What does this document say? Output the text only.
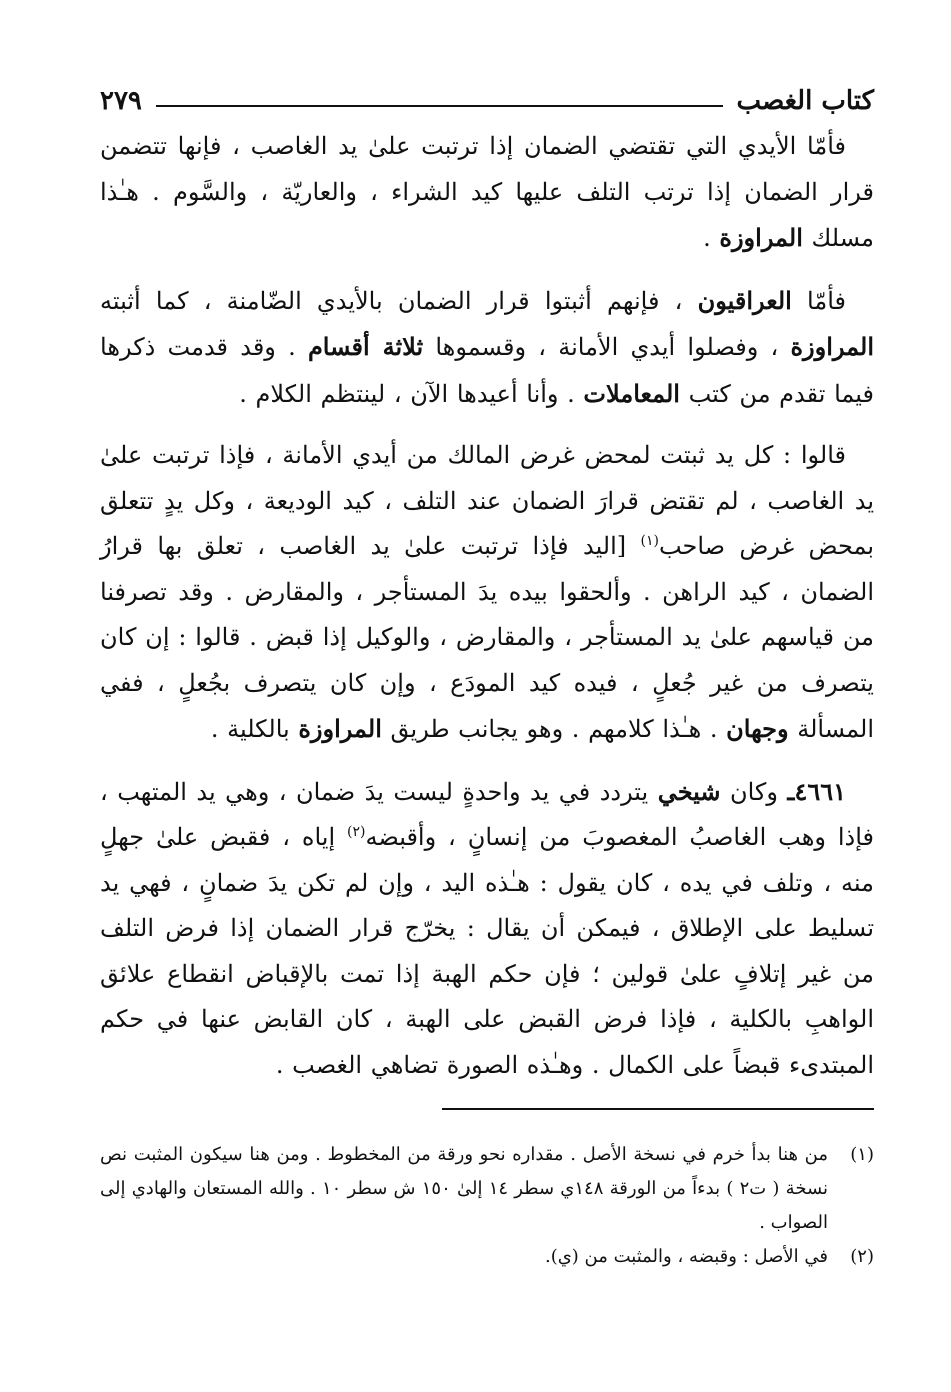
كتاب الغصب
٢٧٩

فأمّا الأيدي التي تقتضي الضمان إذا ترتبت علىٰ يد الغاصب ، فإنها تتضمن قرار الضمان إذا ترتب التلف عليها كيد الشراء ، والعاريّة ، والسَّوم . هـٰذا مسلك المراوزة .

فأمّا العراقيون ، فإنهم أثبتوا قرار الضمان بالأيدي الضّامنة ، كما أثبته المراوزة ، وفصلوا أيدي الأمانة ، وقسموها ثلاثة أقسام . وقد قدمت ذكرها فيما تقدم من كتب المعاملات . وأنا أعيدها الآن ، لينتظم الكلام .

قالوا : كل يد ثبتت لمحض غرض المالك من أيدي الأمانة ، فإذا ترتبت علىٰ يد الغاصب ، لم تقتض قرارَ الضمان عند التلف ، كيد الوديعة ، وكل يدٍ تتعلق بمحض غرض صاحب$^{(١)}$ [اليد فإذا ترتبت علىٰ يد الغاصب ، تعلق بها قرارُ الضمان ، كيد الراهن . وألحقوا بيده يدَ المستأجر ، والمقارض . وقد تصرفنا من قياسهم علىٰ يد المستأجر ، والمقارض ، والوكيل إذا قبض . قالوا : إن كان يتصرف من غير جُعلٍ ، فيده كيد المودَع ، وإن كان يتصرف بجُعلٍ ، ففي المسألة وجهان . هـٰذا كلامهم . وهو يجانب طريق المراوزة بالكلية .

٤٦٦١ـ وكان شيخي يتردد في يد واحدةٍ ليست يدَ ضمان ، وهي يد المتهب ، فإذا وهب الغاصبُ المغصوبَ من إنسانٍ ، وأقبضه$^{(٢)}$ إياه ، فقبض علىٰ جهلٍ منه ، وتلف في يده ، كان يقول : هـٰذه اليد ، وإن لم تكن يدَ ضمانٍ ، فهي يد تسليط على الإطلاق ، فيمكن أن يقال : يخرّج قرار الضمان إذا فرض التلف من غير إتلافٍ علىٰ قولين ؛ فإن حكم الهبة إذا تمت بالإقباض انقطاع علائق الواهبِ بالكلية ، فإذا فرض القبض على الهبة ، كان القابض عنها في حكم المبتدىء قبضاً على الكمال . وهـٰذه الصورة تضاهي الغصب .

(١)
من هنا بدأ خرم في نسخة الأصل . مقداره نحو ورقة من المخطوط . ومن هنا سيكون المثبت نص نسخة ( ت٢ ) بدءاً من الورقة ١٤٨ي سطر ١٤ إلىٰ ١٥٠ ش سطر ١٠ . والله المستعان والهادي إلى الصواب .

(٢)
في الأصل : وقبضه ، والمثبت من (ي).
